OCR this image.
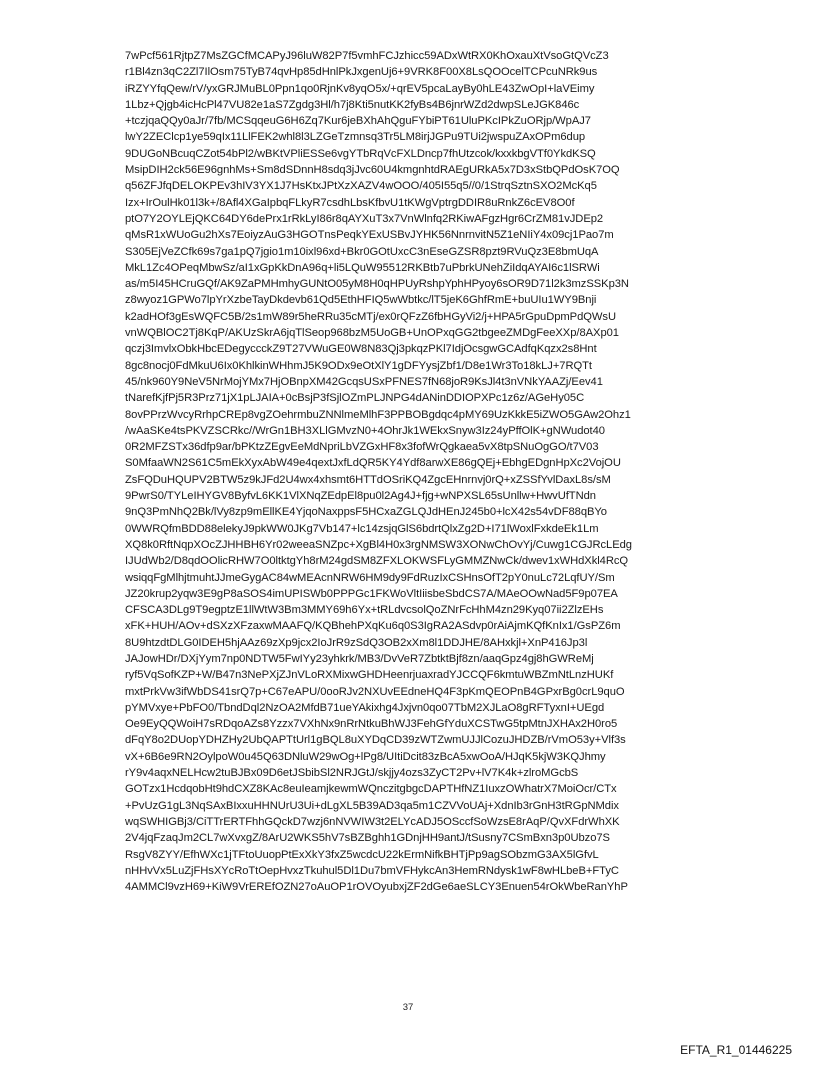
7wPcf561RjtpZ7MsZGCfMCAPyJ96luW82P7f5vmhFCJzhicc59ADxWtRX0KhOxauXtVsoGtQVcZ3
r1Bl4zn3qC2Zl7IlOsm75TyB74qvHp85dHnlPkJxgenUj6+9VRK8F00X8LsQOOcelTCPcuNRk9us
iRZYYfqQew/rV/yxGRJMuBL0Ppn1qo0RjnKv8yqO5x/+qrEV5pcaLayBy0hLE43ZwOpI+laVEimy
1Lbz+Qjgb4icHcPl47VU82e1aS7Zgdg3Hl/h7j8Kti5nutKK2fyBs4B6jnrWZd2dwpSLeJGK846c
+tczjqaQQy0aJr/7fb/MCSqqeuG6H6Zq7Kur6jeBXhAhQguFYbiPT61UluPKcIPkZuORjp/WpAJ7
lwY2ZEClcp1ye59qIx11LlFEK2whl8l3LZGeTzmnsq3Tr5LM8irjJGPu9TUi2jwspuZAxOPm6dup
9DUGoNBcuqCZot54bPl2/wBKtVPliESSe6vgYTbRqVcFXLDncp7fhUtzcok/kxxkbgVTf0YkdKSQ
MsipDIH2ck56E96gnhMs+Sm8dSDnnH8sdq3jJvc60U4kmgnhtdRAEgURkA5x7D3xStbQPdOsK7OQ
q56ZFJfqDELOKPEv3hIV3YX1J7HsKtxJPtXzXAZV4wOOO/405I55q5//0/1StrqSztnSXO2McKq5
Izx+IrOulHk01l3k+/8Afl4XGaIpbqFLkyR7csdhLbsKfbvU1tKWgVptrgDDIR8uRnkZ6cEV8O0f
ptO7Y2OYLEjQKC64DY6dePrx1rRkLyI86r8qAYXuT3x7VnWlnfq2RKiwAFgzHgr6CrZM81vJDEp2
qMsR1xWUoGu2hXs7EoiyzAuG3HGOTnsPeqkYExUSBvJYHK56NnrnvitN5Z1eNIiY4x09cj1Pao7m
S305EjVeZCfk69s7ga1pQ7jgio1m10ixl96xd+Bkr0GOtUxcC3nEseGZSR8pzt9RVuQz3E8bmUqA
MkL1Zc4OPeqMbwSz/aI1xGpKkDnA96q+li5LQuW95512RKBtb7uPbrkUNehZiIdqAYAI6c1lSRWi
as/m5I45HCruGQf/AK9ZaPMHmhyGUNtO05yM8H0qHPUyRshpYphHPyoy6sOR9D71l2k3mzSSKp3N
z8wyoz1GPWo7lpYrXzbeTayDkdevb61Qd5EthHFIQ5wWbtkc/lT5jeK6GhfRmE+buUIu1WY9Bnji
k2adHOf3gEsWQFC5B/2s1mW89r5heRRu35cMTj/ex0rQFzZ6fbHGyVi2/j+HPA5rGpuDpmPdQWsU
vnWQBlOC2Tj8KqP/AKUzSkrA6jqTlSeop968bzM5UoGB+UnOPxqGG2tbgeeZMDgFeeXXp/8AXp01
qczj3ImvlxObkHbcEDegyccckZ9T27VWuGE0W8N83Qj3pkqzPKl7IdjOcsgwGCAdfqKqzx2s8Hnt
8gc8nocj0FdMkuU6Ix0KhlkinWHhmJ5K9ODx9eOtXlY1gDFYysjZbf1/D8e1Wr3To18kLJ+7RQTt
45/nk960Y9NeV5NrMojYMx7HjOBnpXM42GcqsUSxPFNES7fN68joR9KsJl4t3nVNkYAAZj/Eev41
tNarefKjfPj5R3Prz71jX1pLJAIA+0cBsjP3fSjlOZmPLJNPG4dANinDDIOPXPc1z6z/AGeHy05C
8ovPPrzWvcyRrhpCREp8vgZOehrmbuZNNlmeMlhF3PPBOBgdqc4pMY69UzKkkE5iZWO5GAw2Ohz1
/wAaSKe4tsPKVZSCRkc//WrGn1BH3XLlGMvzN0+4OhrJk1WEkxSnyw3Iz24yPffOlK+gNWudot40
0R2MFZSTx36dfp9ar/bPKtzZEgvEeMdNpriLbVZGxHF8x3fofWrQgkaea5vX8tpSNuOgGO/t7V03
S0MfaaWN2S61C5mEkXyxAbW49e4qextJxfLdQR5KY4Ydf8arwXE86gQEj+EbhgEDgnHpXc2VojOU
ZsFQDuHQUPV2BTW5z9kJFd2U4wx4xhsmt6HTTdOSriKQ4ZgcEHnrnvj0rQ+xZSSfYvlDaxL8s/sM
9PwrS0/TYLeIHYGV8ByfvL6KK1VlXNqZEdpEl8pu0l2Ag4J+fjg+wNPXSL65sUnllw+HwvUfTNdn
9nQ3PmNhQ2Bk/lVy8zp9mEllKE4YjqoNaxppsF5HCxaZGLQJdHEnJ245b0+lcX42s54vDF88qBYo
0WWRQfmBDD88elekyJ9pkWW0JKg7Vb147+lc14zsjqGlS6bdrtQlxZg2D+I71lWoxlFxkdeEk1Lm
XQ8k0RftNqpXOcZJHHBH6Yr02weeaSNZpc+XgBl4H0x3rgNMSW3XONwChOvYj/Cuwg1CGJRcLEdg
IJUdWb2/D8qdOOlicRHW7O0ltktgYh8rM24gdSM8ZFXLOKWSFLyGMMZNwCk/dwev1xWHdXkl4RcQ
wsiqqFgMlhjtmuhtJJmeGygAC84wMEAcnNRW6HM9dy9FdRuzIxCSHnsOfT2pY0nuLc72LqfUY/Sm
JZ20krup2yqw3E9gP8aSOS4imUPISWb0PPPGc1FKWoVltIiisbeSbdCS7A/MAeOOwNad5F9p07EA
CFSCA3DLg9T9egptzE1llWtW3Bm3MMY69h6Yx+tRLdvcsolQoZNrFcHhM4zn29Kyq07ii2ZlzEHs
xFK+HUH/AOv+dSXzXFzaxwMAAFQ/KQBhehPXqKu6q0S3IgRA2ASdvp0rAiAjmKQfKnIx1/GsPZ6m
8U9htzdtDLG0IDEH5hjAAz69zXp9jcx2IoJrR9zSdQ3OB2xXm8l1DDJHE/8AHxkjl+XnP416Jp3l
JAJowHDr/DXjYym7np0NDTW5FwIYy23yhkrk/MB3/DvVeR7ZbtktBjf8zn/aaqGpz4gj8hGWReMj
ryf5VqSofKZP+W/B47n3NePXjZJnVLoRXMixwGHDHeenrjuaxradYJCCQF6kmtuWBZmNtLnzHUKf
mxtPrkVw3ifWbDS41srQ7p+C67eAPU/0ooRJv2NXUvEEdneHQ4F3pKmQEOPnB4GPxrBg0crL9quO
pYMVxye+PbFO0/TbndDql2NzOA2MfdB71ueYAkixhg4Jxjvn0qo07TbM2XJLaO8gRFTyxnI+UEgd
Oe9EyQQWoiH7sRDqoAZs8Yzzx7VXhNx9nRrNtkuBhWJ3FehGfYduXCSTwG5tpMtnJXHAx2H0ro5
dFqY8o2DUopYDHZHy2UbQAPTtUrl1gBQL8uXYDqCD39zWTZwmUJJlCozuJHDZB/rVmO53y+Vlf3s
vX+6B6e9RN2OylpoW0u45Q63DNluW29wOg+lPg8/UItiDcit83zBcA5xwOoA/HJqK5kjW3KQJhmy
rY9v4aqxNELHcw2tuBJBx09D6etJSbibSl2NRJGtJ/skjjy4ozs3ZyCT2Pv+lV7K4k+zlroMGcbS
GOTzx1HcdqobHt9hdCXZ8KAc8euIeamjkewmWQnczitgbgcDAPTHfNZ1IuxzOWhatrX7MoiOcr/CTx
+PvUzG1gL3NqSAxBIxxuHHNUrU3Ui+dLgXL5B39AD3qa5m1CZVVoUAj+XdnIb3rGnH3tRGpNMdix
wqSWHIGBj3/CiTTrERTFhhGQckD7wzj6nNVWIW3t2ELYcADJ5OSccfSoWzsE8rAqP/QvXFdrWhXK
2V4jqFzaqJm2CL7wXvxgZ/8ArU2WKS5hV7sBZBghh1GDnjHH9antJ/tSusny7CSmBxn3p0Ubzo7S
RsgV8ZYY/EfhWXc1jTFtoUuopPtExXkY3fxZ5wcdcU22kErmNifkBHTjPp9agSObzmG3AX5lGfvL
nHHvVx5LuZjFHsXYcRoTtOepHvxzTkuhul5Dl1Du7bmVFHykcAn3HemRNdysk1wF8wHLbeB+FTyC
4AMMCl9vzH69+KiW9VrEREfOZN27oAuOP1rOVOyubxjZF2dGe6aeSLCY3Enuen54rOkWbeRanYhP
37
EFTA_R1_01446225
